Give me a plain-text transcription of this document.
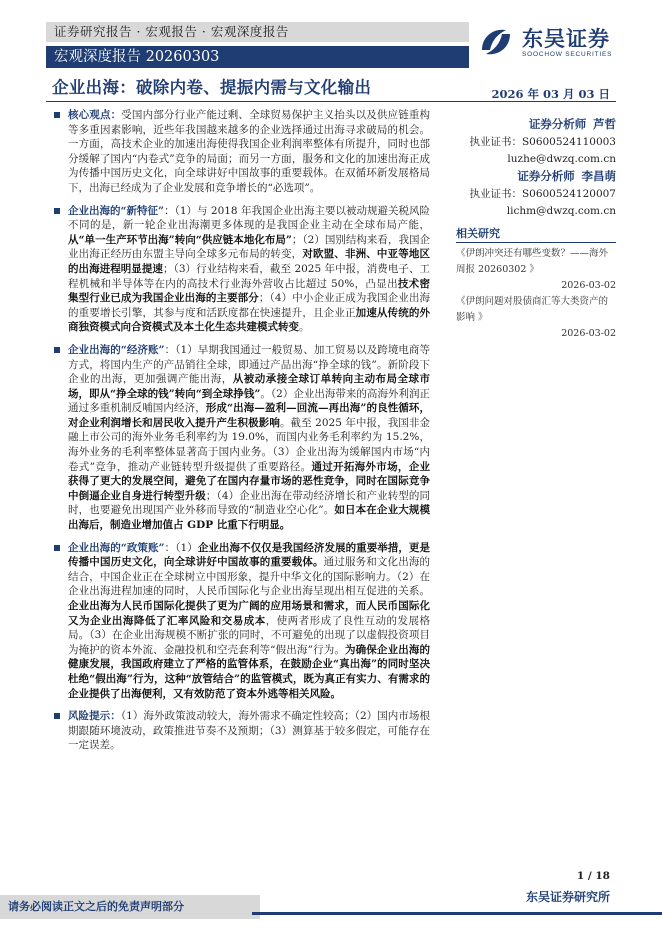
证券研究报告 · 宏观报告 · 宏观深度报告
宏观深度报告 20260303
东吴证券
SOOCHOW SECURITIES
企业出海：破除内卷、提振内需与文化输出	2026 年 03 月 03 日
核心观点：受国内部分行业产能过剩、全球贸易保护主义抬头以及供应链重构等多重因素影响，近些年我国越来越多的企业选择通过出海寻求破局的机会。一方面，高技术企业的加速出海使得我国企业利润率整体有所提升，同时也部分缓解了国内“内卷式”竞争的局面；而另一方面，服务和文化的加速出海正成为传播中国历史文化，向全球讲好中国故事的重要载体。在双循环新发展格局下，出海已经成为了企业发展和竞争增长的“必选项”。
企业出海的“新特征”：（1）与 2018 年我国企业出海主要以被动规避关税风险不同的是，新一轮企业出海潮更多体现的是我国企业主动在全球布局产能，从“单一生产环节出海”转向“供应链本地化布局”；（2）国别结构来看，我国企业出海正经历由东盟主导向全球多元布局的转变，对欧盟、非洲、中亚等地区的出海进程明显提速；（3）行业结构来看，截至 2025 年中报，消费电子、工程机械和半导体等在内的高技术行业海外营收占比超过 50%，凸显出技术密集型行业已成为我国企业出海的主要部分；（4）中小企业正成为我国企业出海的重要增长引擎，其参与度和活跃度都在快速提升，且企业正加速从传统的外商独资模式向合资模式及本土化生态共建模式转变。
企业出海的“经济账”：（1）早期我国通过一般贸易、加工贸易以及跨境电商等方式，将国内生产的产品销往全球，即通过产品出海“挣全球的钱”。新阶段下企业的出海，更加强调产能出海，从被动承接全球订单转向主动布局全球市场，即从“挣全球的钱”转向“到全球挣钱”。（2）企业出海带来的高海外利润正通过多重机制反哺国内经济，形成“出海—盈利—回流—再出海”的良性循环，对企业利润增长和居民收入提升产生积极影响。截至 2025 年中报，我国非金融上市公司的海外业务毛利率约为 19.0%，而国内业务毛利率约为 15.2%，海外业务的毛利率整体显著高于国内业务。（3）企业出海为缓解国内市场“内卷式”竞争，推动产业链转型升级提供了重要路径。通过开拓海外市场，企业获得了更大的发展空间，避免了在国内存量市场的恶性竞争，同时在国际竞争中倒逼企业自身进行转型升级；（4）企业出海在带动经济增长和产业转型的同时，也要避免出现国产业外移而导致的“制造业空心化”。如日本在企业大规模出海后，制造业增加值占 GDP 比重下行明显。
企业出海的“政策账”：（1）企业出海不仅仅是我国经济发展的重要举措，更是传播中国历史文化，向全球讲好中国故事的重要载体。通过服务和文化出海的结合，中国企业正在全球树立中国形象，提升中华文化的国际影响力。（2）在企业出海进程加速的同时，人民币国际化与企业出海呈现出相互促进的关系。企业出海为人民币国际化提供了更为广阔的应用场景和需求，而人民币国际化又为企业出海降低了汇率风险和交易成本，使两者形成了良性互动的发展格局。（3）在企业出海规模不断扩张的同时，不可避免的出现了以虚假投资项目为掩护的资本外流、金融投机和空壳套利等“假出海”行为。为确保企业出海的健康发展，我国政府建立了严格的监管体系，在鼓励企业“真出海”的同时坚决杜绝“假出海”行为，这种“放管结合”的监管模式，既为真正有实力、有需求的企业提供了出海便利，又有效防范了资本外逃等相关风险。
风险提示：（1）海外政策波动较大，海外需求不确定性较高；（2）国内市场根期跟随环境波动，政策推进节奏不及预期；（3）测算基于较多假定，可能存在一定误差。
证券分析师 芦哲
执业证书：S0600524110003
luzhe@dwzq.com.cn
证券分析师 李昌萌
执业证书：S0600524120007
lichm@dwzq.com.cn
相关研究
《伊朗冲突还有哪些变数？——海外周报 20260302 》
2026-03-02
《伊朗问题对股债商汇等大类资产的影响 》
2026-03-02
1 / 18
请务必阅读正文之后的免责声明部分
东吴证券研究所
